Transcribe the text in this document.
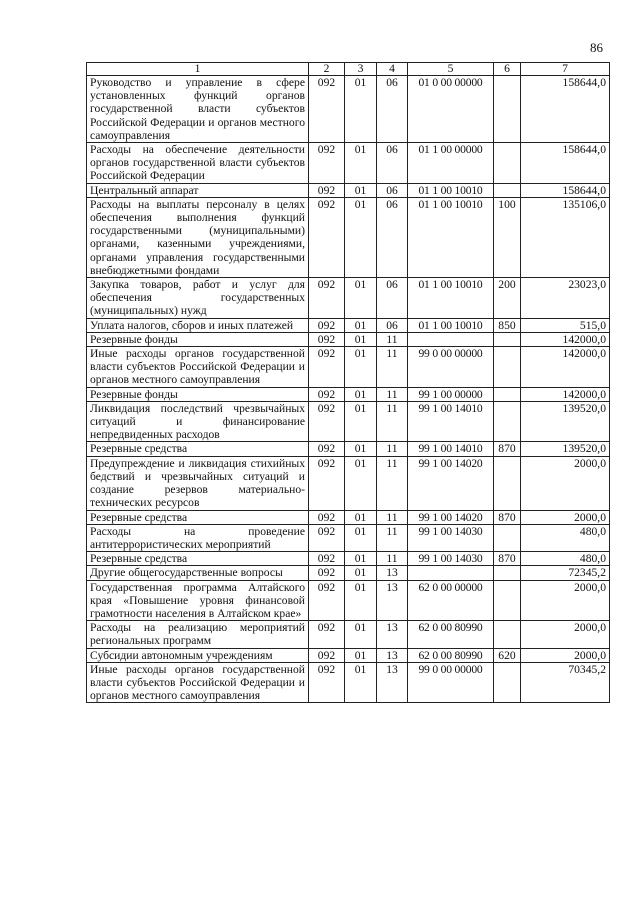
86
1	2	3	4	5	6	7
Руководство и управление в сфере установленных функций органов государственной власти субъектов Российской Федерации и органов местного самоуправления	092	01	06	01 0 00 00000		158644,0
Расходы на обеспечение деятельности органов государственной власти субъектов Российской Федерации	092	01	06	01 1 00 00000		158644,0
Центральный аппарат	092	01	06	01 1 00 10010		158644,0
Расходы на выплаты персоналу в целях обеспечения выполнения функций государственными (муниципальными) органами, казенными учреждениями, органами управления государственными внебюджетными фондами	092	01	06	01 1 00 10010	100	135106,0
Закупка товаров, работ и услуг для обеспечения государственных (муниципальных) нужд	092	01	06	01 1 00 10010	200	23023,0
Уплата налогов, сборов и иных платежей	092	01	06	01 1 00 10010	850	515,0
Резервные фонды	092	01	11			142000,0
Иные расходы органов государственной власти субъектов Российской Федерации и органов местного самоуправления	092	01	11	99 0 00 00000		142000,0
Резервные фонды	092	01	11	99 1 00 00000		142000,0
Ликвидация последствий чрезвычайных ситуаций и финансирование непредвиденных расходов	092	01	11	99 1 00 14010		139520,0
Резервные средства	092	01	11	99 1 00 14010	870	139520,0
Предупреждение и ликвидация стихийных бедствий и чрезвычайных ситуаций и создание резервов материально-технических ресурсов	092	01	11	99 1 00 14020		2000,0
Резервные средства	092	01	11	99 1 00 14020	870	2000,0
Расходы на проведение антитеррористических мероприятий	092	01	11	99 1 00 14030		480,0
Резервные средства	092	01	11	99 1 00 14030	870	480,0
Другие общегосударственные вопросы	092	01	13			72345,2
Государственная программа Алтайского края «Повышение уровня финансовой грамотности населения в Алтайском крае»	092	01	13	62 0 00 00000		2000,0
Расходы на реализацию мероприятий региональных программ	092	01	13	62 0 00 80990		2000,0
Субсидии автономным учреждениям	092	01	13	62 0 00 80990	620	2000,0
Иные расходы органов государственной власти субъектов Российской Федерации и органов местного самоуправления	092	01	13	99 0 00 00000		70345,2
